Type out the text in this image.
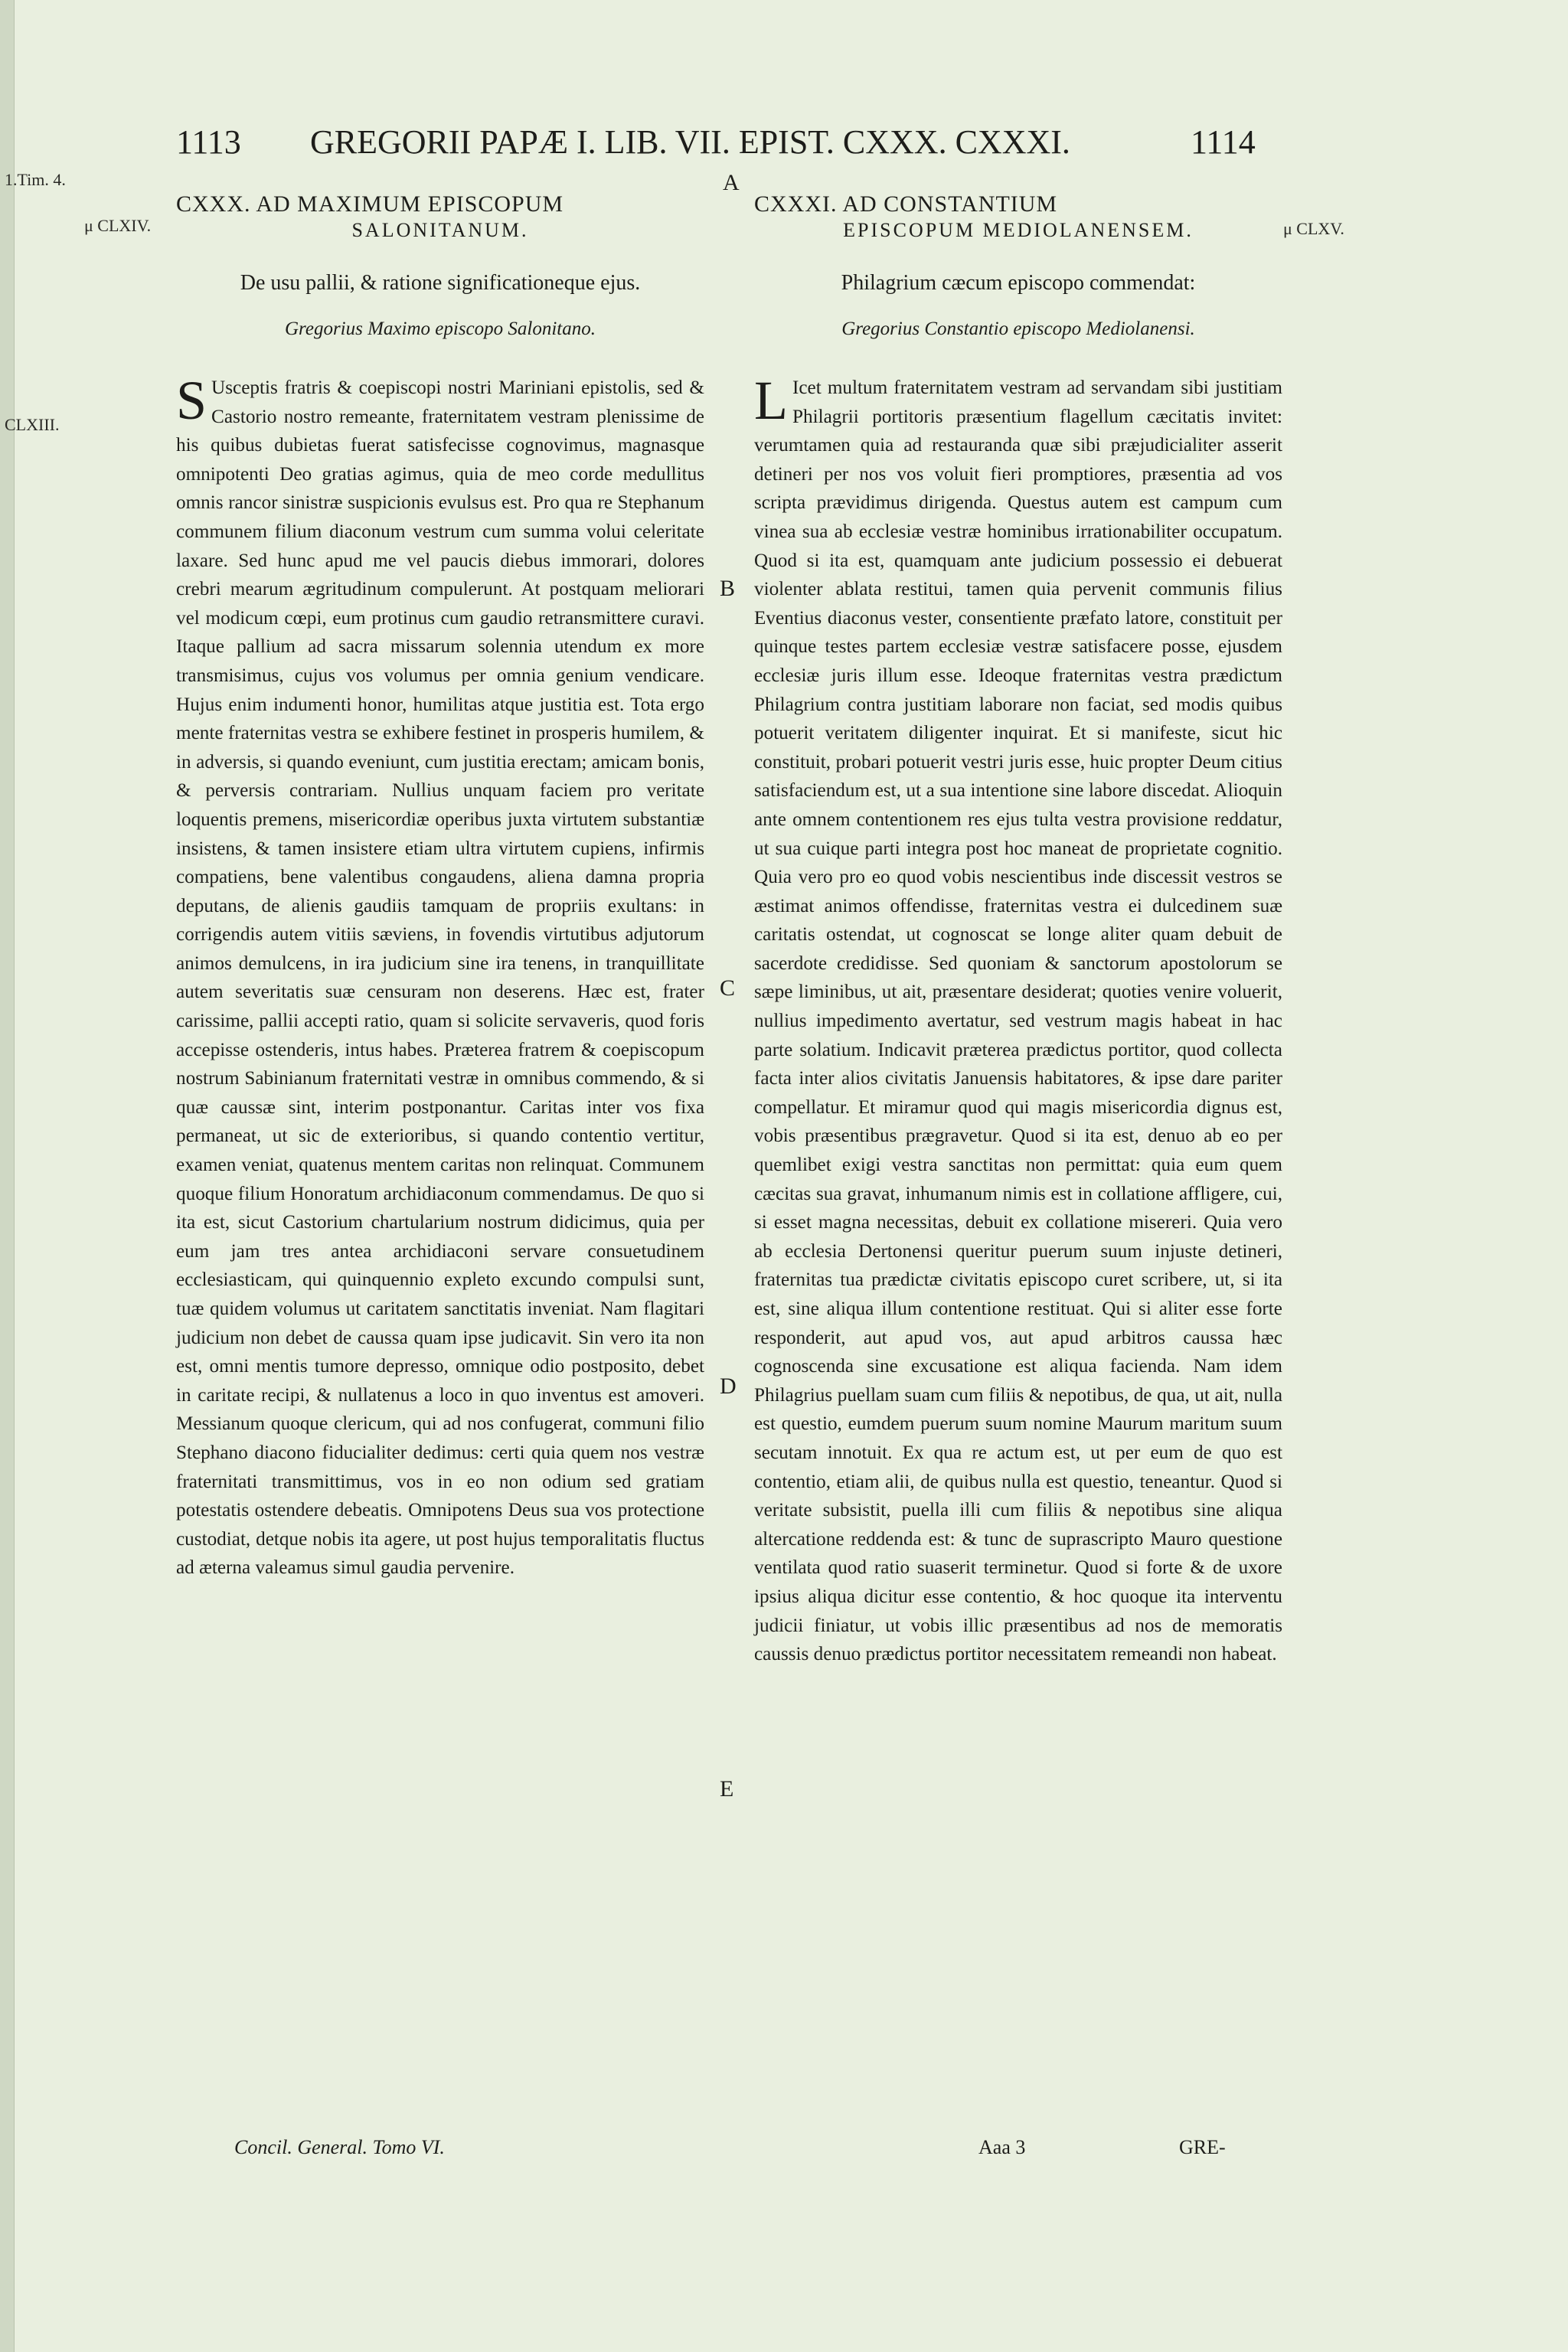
1.Tim. 4.
CLXIII.
μ CLXIV.	μ CLXV.
1113 GREGORII PAPÆ I. LIB. VII. EPIST. CXXX. CXXXI.	1114
A
B
C
D
E
CXXX. AD MAXIMUM EPISCOPUM
SALONITANUM.
De usu pallii, & ratione significationeque ejus.
Gregorius Maximo episcopo Salonitano.
S Usceptis fratris & coepiscopi nostri Mariniani epistolis, sed & Castorio nostro remeante, fraternitatem vestram plenissime de his quibus dubietas fuerat satisfecisse cognovimus, magnasque omnipotenti Deo gratias agimus, quia de meo corde medullitus omnis rancor sinistræ suspicionis evulsus est. Pro qua re Stephanum communem filium diaconum vestrum cum summa volui celeritate laxare. Sed hunc apud me vel paucis diebus immorari, dolores crebri mearum ægritudinum compulerunt. At postquam meliorari vel modicum cœpi, eum protinus cum gaudio retransmittere curavi. Itaque pallium ad sacra missarum solennia utendum ex more transmisimus, cujus vos volumus per omnia genium vendicare. Hujus enim indumenti honor, humilitas atque justitia est. Tota ergo mente fraternitas vestra se exhibere festinet in prosperis humilem, & in adversis, si quando eveniunt, cum justitia erectam; amicam bonis, & perversis contrariam. Nullius unquam faciem pro veritate loquentis premens, misericordiæ operibus juxta virtutem substantiæ insistens, & tamen insistere etiam ultra virtutem cupiens, infirmis compatiens, bene valentibus congaudens, aliena damna propria deputans, de alienis gaudiis tamquam de propriis exultans: in corrigendis autem vitiis sæviens, in fovendis virtutibus adjutorum animos demulcens, in ira judicium sine ira tenens, in tranquillitate autem severitatis suæ censuram non deserens. Hæc est, frater carissime, pallii accepti ratio, quam si solicite servaveris, quod foris accepisse ostenderis, intus habes. Præterea fratrem & coepiscopum nostrum Sabinianum fraternitati vestræ in omnibus commendo, & si quæ caussæ sint, interim postponantur. Caritas inter vos fixa permaneat, ut sic de exterioribus, si quando contentio vertitur, examen veniat, quatenus mentem caritas non relinquat. Communem quoque filium Honoratum archidiaconum commendamus. De quo si ita est, sicut Castorium chartularium nostrum didicimus, quia per eum jam tres antea archidiaconi servare consuetudinem ecclesiasticam, qui quinquennio expleto excundo compulsi sunt, tuæ quidem volumus ut caritatem sanctitatis inveniat. Nam flagitari judicium non debet de caussa quam ipse judicavit. Sin vero ita non est, omni mentis tumore depresso, omnique odio postposito, debet in caritate recipi, & nullatenus a loco in quo inventus est amoveri. Messianum quoque clericum, qui ad nos confugerat, communi filio Stephano diacono fiducialiter dedimus: certi quia quem nos vestræ fraternitati transmittimus, vos in eo non odium sed gratiam potestatis ostendere debeatis. Omnipotens Deus sua vos protectione custodiat, detque nobis ita agere, ut post hujus temporalitatis fluctus ad æterna valeamus simul gaudia pervenire.
CXXXI. AD CONSTANTIUM
EPISCOPUM MEDIOLANENSEM.
Philagrium cæcum episcopo commendat:
Gregorius Constantio episcopo Mediolanensi.
L Icet multum fraternitatem vestram ad servandam sibi justitiam Philagrii portitoris præsentium flagellum cæcitatis invitet: verumtamen quia ad restauranda quæ sibi præjudicialiter asserit detineri per nos vos voluit fieri promptiores, præsentia ad vos scripta prævidimus dirigenda. Questus autem est campum cum vinea sua ab ecclesiæ vestræ hominibus irrationabiliter occupatum. Quod si ita est, quamquam ante judicium possessio ei debuerat violenter ablata restitui, tamen quia pervenit communis filius Eventius diaconus vester, consentiente præfato latore, constituit per quinque testes partem ecclesiæ vestræ satisfacere posse, ejusdem ecclesiæ juris illum esse. Ideoque fraternitas vestra prædictum Philagrium contra justitiam laborare non faciat, sed modis quibus potuerit veritatem diligenter inquirat. Et si manifeste, sicut hic constituit, probari potuerit vestri juris esse, huic propter Deum citius satisfaciendum est, ut a sua intentione sine labore discedat. Alioquin ante omnem contentionem res ejus tulta vestra provisione reddatur, ut sua cuique parti integra post hoc maneat de proprietate cognitio. Quia vero pro eo quod vobis nescientibus inde discessit vestros se æstimat animos offendisse, fraternitas vestra ei dulcedinem suæ caritatis ostendat, ut cognoscat se longe aliter quam debuit de sacerdote credidisse. Sed quoniam & sanctorum apostolorum se sæpe liminibus, ut ait, præsentare desiderat; quoties venire voluerit, nullius impedimento avertatur, sed vestrum magis habeat in hac parte solatium. Indicavit præterea prædictus portitor, quod collecta facta inter alios civitatis Januensis habitatores, & ipse dare pariter compellatur. Et miramur quod qui magis misericordia dignus est, vobis præsentibus prægravetur. Quod si ita est, denuo ab eo per quemlibet exigi vestra sanctitas non permittat: quia eum quem cæcitas sua gravat, inhumanum nimis est in collatione affligere, cui, si esset magna necessitas, debuit ex collatione misereri. Quia vero ab ecclesia Dertonensi queritur puerum suum injuste detineri, fraternitas tua prædictæ civitatis episcopo curet scribere, ut, si ita est, sine aliqua illum contentione restituat. Qui si aliter esse forte responderit, aut apud vos, aut apud arbitros caussa hæc cognoscenda sine excusatione est aliqua facienda. Nam idem Philagrius puellam suam cum filiis & nepotibus, de qua, ut ait, nulla est questio, eumdem puerum suum nomine Maurum maritum suum secutam innotuit. Ex qua re actum est, ut per eum de quo est contentio, etiam alii, de quibus nulla est questio, teneantur. Quod si veritate subsistit, puella illi cum filiis & nepotibus sine aliqua altercatione reddenda est: & tunc de suprascripto Mauro questione ventilata quod ratio suaserit terminetur. Quod si forte & de uxore ipsius aliqua dicitur esse contentio, & hoc quoque ita interventu judicii finiatur, ut vobis illic præsentibus ad nos de memoratis caussis denuo prædictus portitor necessitatem remeandi non habeat.
Concil. General. Tomo VI.	Aaa 3	GRE-
